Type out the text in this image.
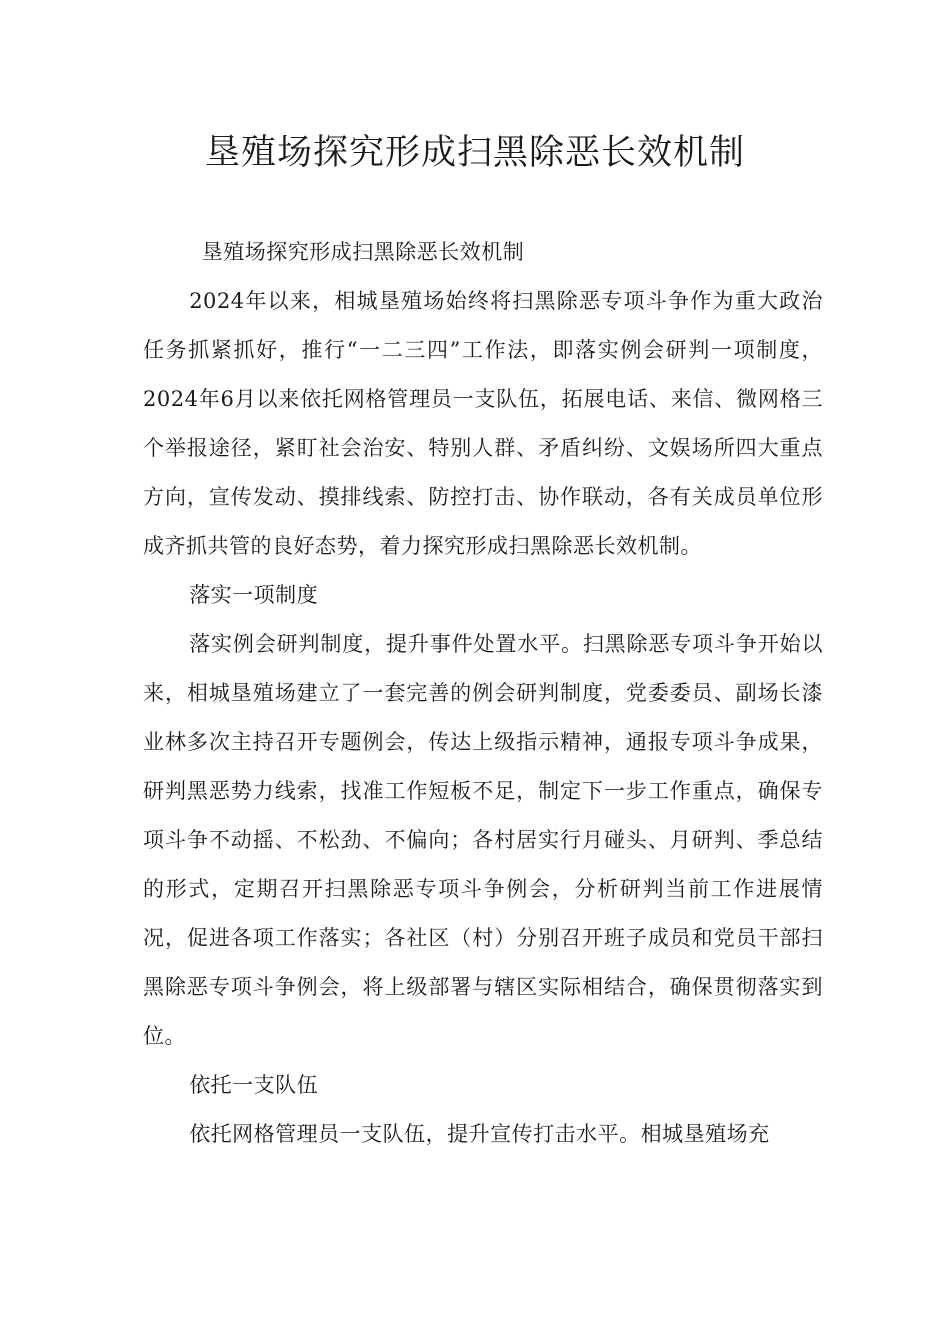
垦殖场探究形成扫黑除恶长效机制

垦殖场探究形成扫黑除恶长效机制

2024年以来，相城垦殖场始终将扫黑除恶专项斗争作为重大政治任务抓紧抓好，推行“一二三四”工作法，即落实例会研判一项制度，2024年6月以来依托网格管理员一支队伍，拓展电话、来信、微网格三个举报途径，紧盯社会治安、特别人群、矛盾纠纷、文娱场所四大重点方向，宣传发动、摸排线索、防控打击、协作联动，各有关成员单位形成齐抓共管的良好态势，着力探究形成扫黑除恶长效机制。

落实一项制度

落实例会研判制度，提升事件处置水平。扫黑除恶专项斗争开始以来，相城垦殖场建立了一套完善的例会研判制度，党委委员、副场长漆业林多次主持召开专题例会，传达上级指示精神，通报专项斗争成果，研判黑恶势力线索，找准工作短板不足，制定下一步工作重点，确保专项斗争不动摇、不松劲、不偏向；各村居实行月碰头、月研判、季总结的形式，定期召开扫黑除恶专项斗争例会，分析研判当前工作进展情况，促进各项工作落实；各社区（村）分别召开班子成员和党员干部扫黑除恶专项斗争例会，将上级部署与辖区实际相结合，确保贯彻落实到位。

依托一支队伍

依托网格管理员一支队伍，提升宣传打击水平。相城垦殖场充
